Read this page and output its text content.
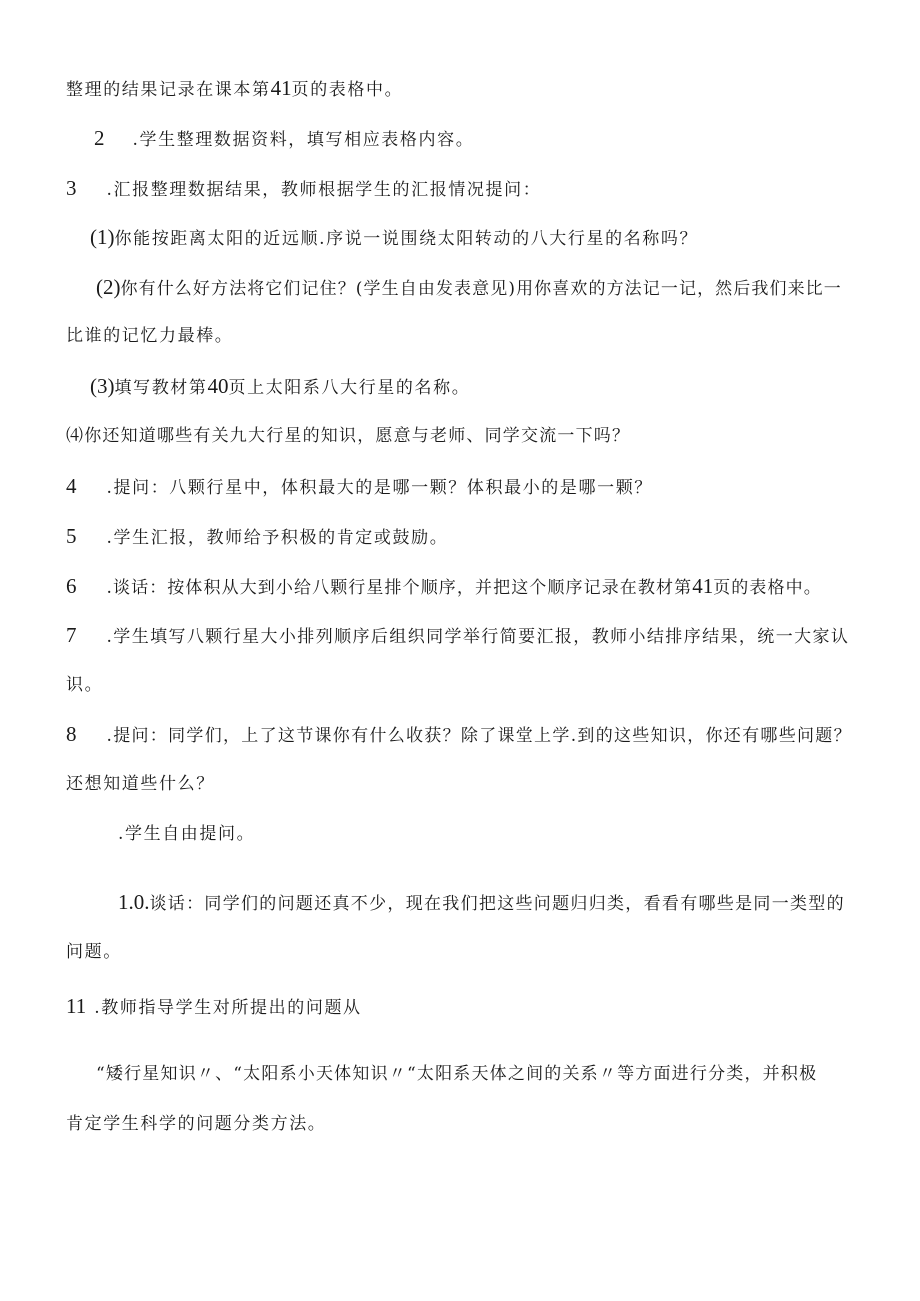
整理的结果记录在课本第41页的表格中。
2 .学生整理数据资料，填写相应表格内容。
3 .汇报整理数据结果，教师根据学生的汇报情况提问：
(1)你能按距离太阳的近远顺.序说一说围绕太阳转动的八大行星的名称吗？
(2)你有什么好方法将它们记住？(学生自由发表意见)用你喜欢的方法记一记，然后我们来比一
比谁的记忆力最棒。
(3)填写教材第40页上太阳系八大行星的名称。
⑷你还知道哪些有关九大行星的知识，愿意与老师、同学交流一下吗？
4 .提问：八颗行星中，体积最大的是哪一颗？体积最小的是哪一颗？
5 .学生汇报，教师给予积极的肯定或鼓励。
6 .谈话：按体积从大到小给八颗行星排个顺序，并把这个顺序记录在教材第41页的表格中。
7 .学生填写八颗行星大小排列顺序后组织同学举行简要汇报，教师小结排序结果，统一大家认
识。
8 .提问：同学们，上了这节课你有什么收获？除了课堂上学.到的这些知识，你还有哪些问题？
还想知道些什么？
.学生自由提问。
1.0.谈话：同学们的问题还真不少，现在我们把这些问题归归类，看看有哪些是同一类型的
问题。
11 .教师指导学生对所提出的问题从
“矮行星知识〃、“太阳系小天体知识〃“太阳系天体之间的关系〃等方面进行分类，并积极
肯定学生科学的问题分类方法。
